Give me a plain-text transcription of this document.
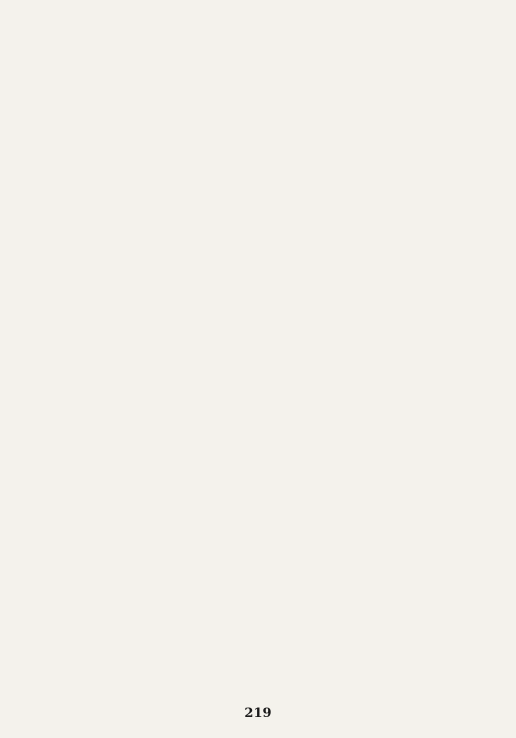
219
